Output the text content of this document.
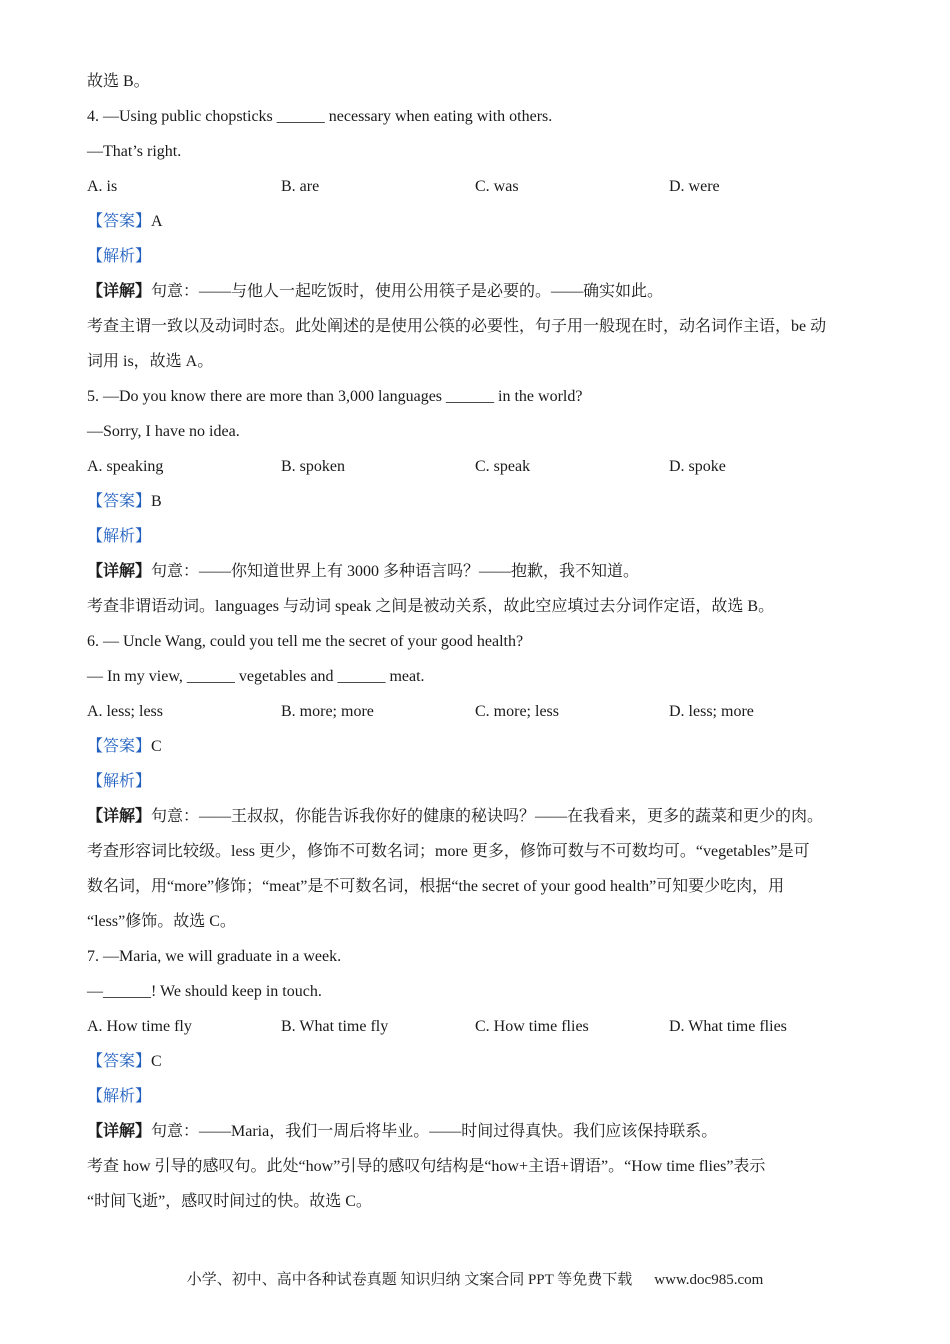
故选 B。
4. —Using public chopsticks ______ necessary when eating with others.
—That’s right.
A. is	B. are	C. was	D. were
【答案】A
【解析】
【详解】句意：——与他人一起吃饭时，使用公用筷子是必要的。——确实如此。
考查主谓一致以及动词时态。此处阐述的是使用公筷的必要性，句子用一般现在时，动名词作主语，be 动
词用 is，故选 A。
5. —Do you know there are more than 3,000 languages ______ in the world?
—Sorry, I have no idea.
A. speaking	B. spoken	C. speak	D. spoke
【答案】B
【解析】
【详解】句意：——你知道世界上有 3000 多种语言吗？——抱歉，我不知道。
考查非谓语动词。languages 与动词 speak 之间是被动关系，故此空应填过去分词作定语，故选 B。
6. — Uncle Wang, could you tell me the secret of your good health?
— In my view, ______ vegetables and ______ meat.
A. less; less	B. more; more	C. more; less	D. less; more
【答案】C
【解析】
【详解】句意：——王叔叔，你能告诉我你好的健康的秘诀吗？——在我看来，更多的蔬菜和更少的肉。
考查形容词比较级。less 更少，修饰不可数名词；more 更多，修饰可数与不可数均可。“vegetables”是可
数名词，用“more”修饰；“meat”是不可数名词，根据“the secret of your good health”可知要少吃肉，用
“less”修饰。故选 C。
7. —Maria, we will graduate in a week.
—______! We should keep in touch.
A. How time fly	B. What time fly	C. How time flies	D. What time flies
【答案】C
【解析】
【详解】句意：——Maria，我们一周后将毕业。——时间过得真快。我们应该保持联系。
考查 how 引导的感叹句。此处“how”引导的感叹句结构是“how+主语+谓语”。“How time flies”表示
“时间飞逝”，感叹时间过的快。故选 C。
小学、初中、高中各种试卷真题 知识归纳 文案合同 PPT 等免费下载 www.doc985.com
